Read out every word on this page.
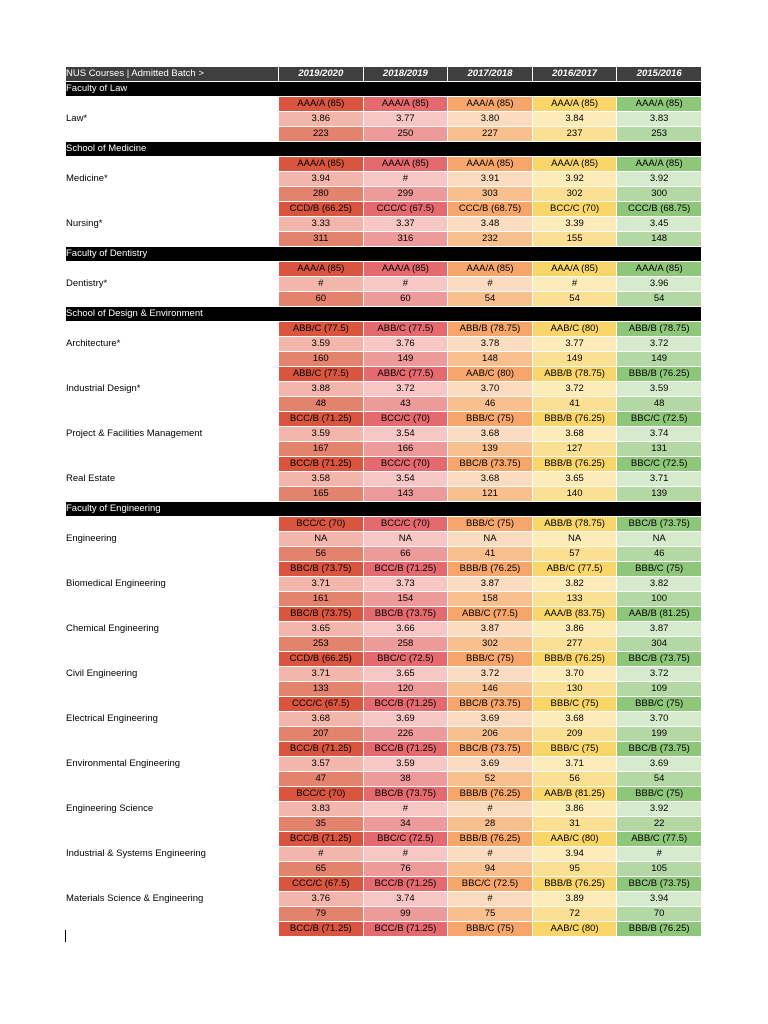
NUS Courses | Admitted Batch >	2019/2020	2018/2019	2017/2018	2016/2017	2015/2016
Faculty of Law					
Law*	AAA/A (85)	AAA/A (85)	AAA/A (85)	AAA/A (85)	AAA/A (85)
	3.86	3.77	3.80	3.84	3.83
	223	250	227	237	253
School of Medicine					
Medicine*	AAA/A (85)	AAA/A (85)	AAA/A (85)	AAA/A (85)	AAA/A (85)
	3.94	#	3.91	3.92	3.92
	280	299	303	302	300
Nursing*	CCD/B (66.25)	CCC/C (67.5)	CCC/B (68.75)	BCC/C (70)	CCC/B (68.75)
	3.33	3.37	3.48	3.39	3.45
	311	316	232	155	148
Faculty of Dentistry					
Dentistry*	AAA/A (85)	AAA/A (85)	AAA/A (85)	AAA/A (85)	AAA/A (85)
	#	#	#	#	3.96
	60	60	54	54	54
School of Design & Environment					
Architecture*	ABB/C (77.5)	ABB/C (77.5)	ABB/B (78.75)	AAB/C (80)	ABB/B (78.75)
	3.59	3.76	3.78	3.77	3.72
	160	149	148	149	149
Industrial Design*	ABB/C (77.5)	ABB/C (77.5)	AAB/C (80)	ABB/B (78.75)	BBB/B (76.25)
	3.88	3.72	3.70	3.72	3.59
	48	43	46	41	48
Project & Facilities Management	BCC/B (71.25)	BCC/C (70)	BBB/C (75)	BBB/B (76.25)	BBC/C (72.5)
	3.59	3.54	3.68	3.68	3.74
	167	166	139	127	131
Real Estate	BCC/B (71.25)	BCC/C (70)	BBC/B (73.75)	BBB/B (76.25)	BBC/C (72.5)
	3.58	3.54	3.68	3.65	3.71
	165	143	121	140	139
Faculty of Engineering					
Engineering	BCC/C (70)	BCC/C (70)	BBB/C (75)	ABB/B (78.75)	BBC/B (73.75)
	NA	NA	NA	NA	NA
	56	66	41	57	46
Biomedical Engineering	BBC/B (73.75)	BCC/B (71.25)	BBB/B (76.25)	ABB/C (77.5)	BBB/C (75)
	3.71	3.73	3.87	3.82	3.82
	161	154	158	133	100
Chemical Engineering	BBC/B (73.75)	BBC/B (73.75)	ABB/C (77.5)	AAA/B (83.75)	AAB/B (81.25)
	3.65	3.66	3.87	3.86	3.87
	253	258	302	277	304
Civil Engineering	CCD/B (66.25)	BBC/C (72.5)	BBB/C (75)	BBB/B (76.25)	BBC/B (73.75)
	3.71	3.65	3.72	3.70	3.72
	133	120	146	130	109
Electrical Engineering	CCC/C (67.5)	BCC/B (71.25)	BBC/B (73.75)	BBB/C (75)	BBB/C (75)
	3.68	3.69	3.69	3.68	3.70
	207	226	206	209	199
Environmental Engineering	BCC/B (71.25)	BCC/B (71.25)	BBC/B (73.75)	BBB/C (75)	BBC/B (73.75)
	3.57	3.59	3.69	3.71	3.69
	47	38	52	56	54
Engineering Science	BCC/C (70)	BBC/B (73.75)	BBB/B (76.25)	AAB/B (81.25)	BBB/C (75)
	3.83	#	#	3.86	3.92
	35	34	28	31	22
Industrial & Systems Engineering	BCC/B (71.25)	BBC/C (72.5)	BBB/B (76.25)	AAB/C (80)	ABB/C (77.5)
	#	#	#	3.94	#
	65	76	94	95	105
Materials Science & Engineering	CCC/C (67.5)	BCC/B (71.25)	BBC/C (72.5)	BBB/B (76.25)	BBC/B (73.75)
	3.76	3.74	#	3.89	3.94
	79	99	75	72	70
	BCC/B (71.25)	BCC/B (71.25)	BBB/C (75)	AAB/C (80)	BBB/B (76.25)
